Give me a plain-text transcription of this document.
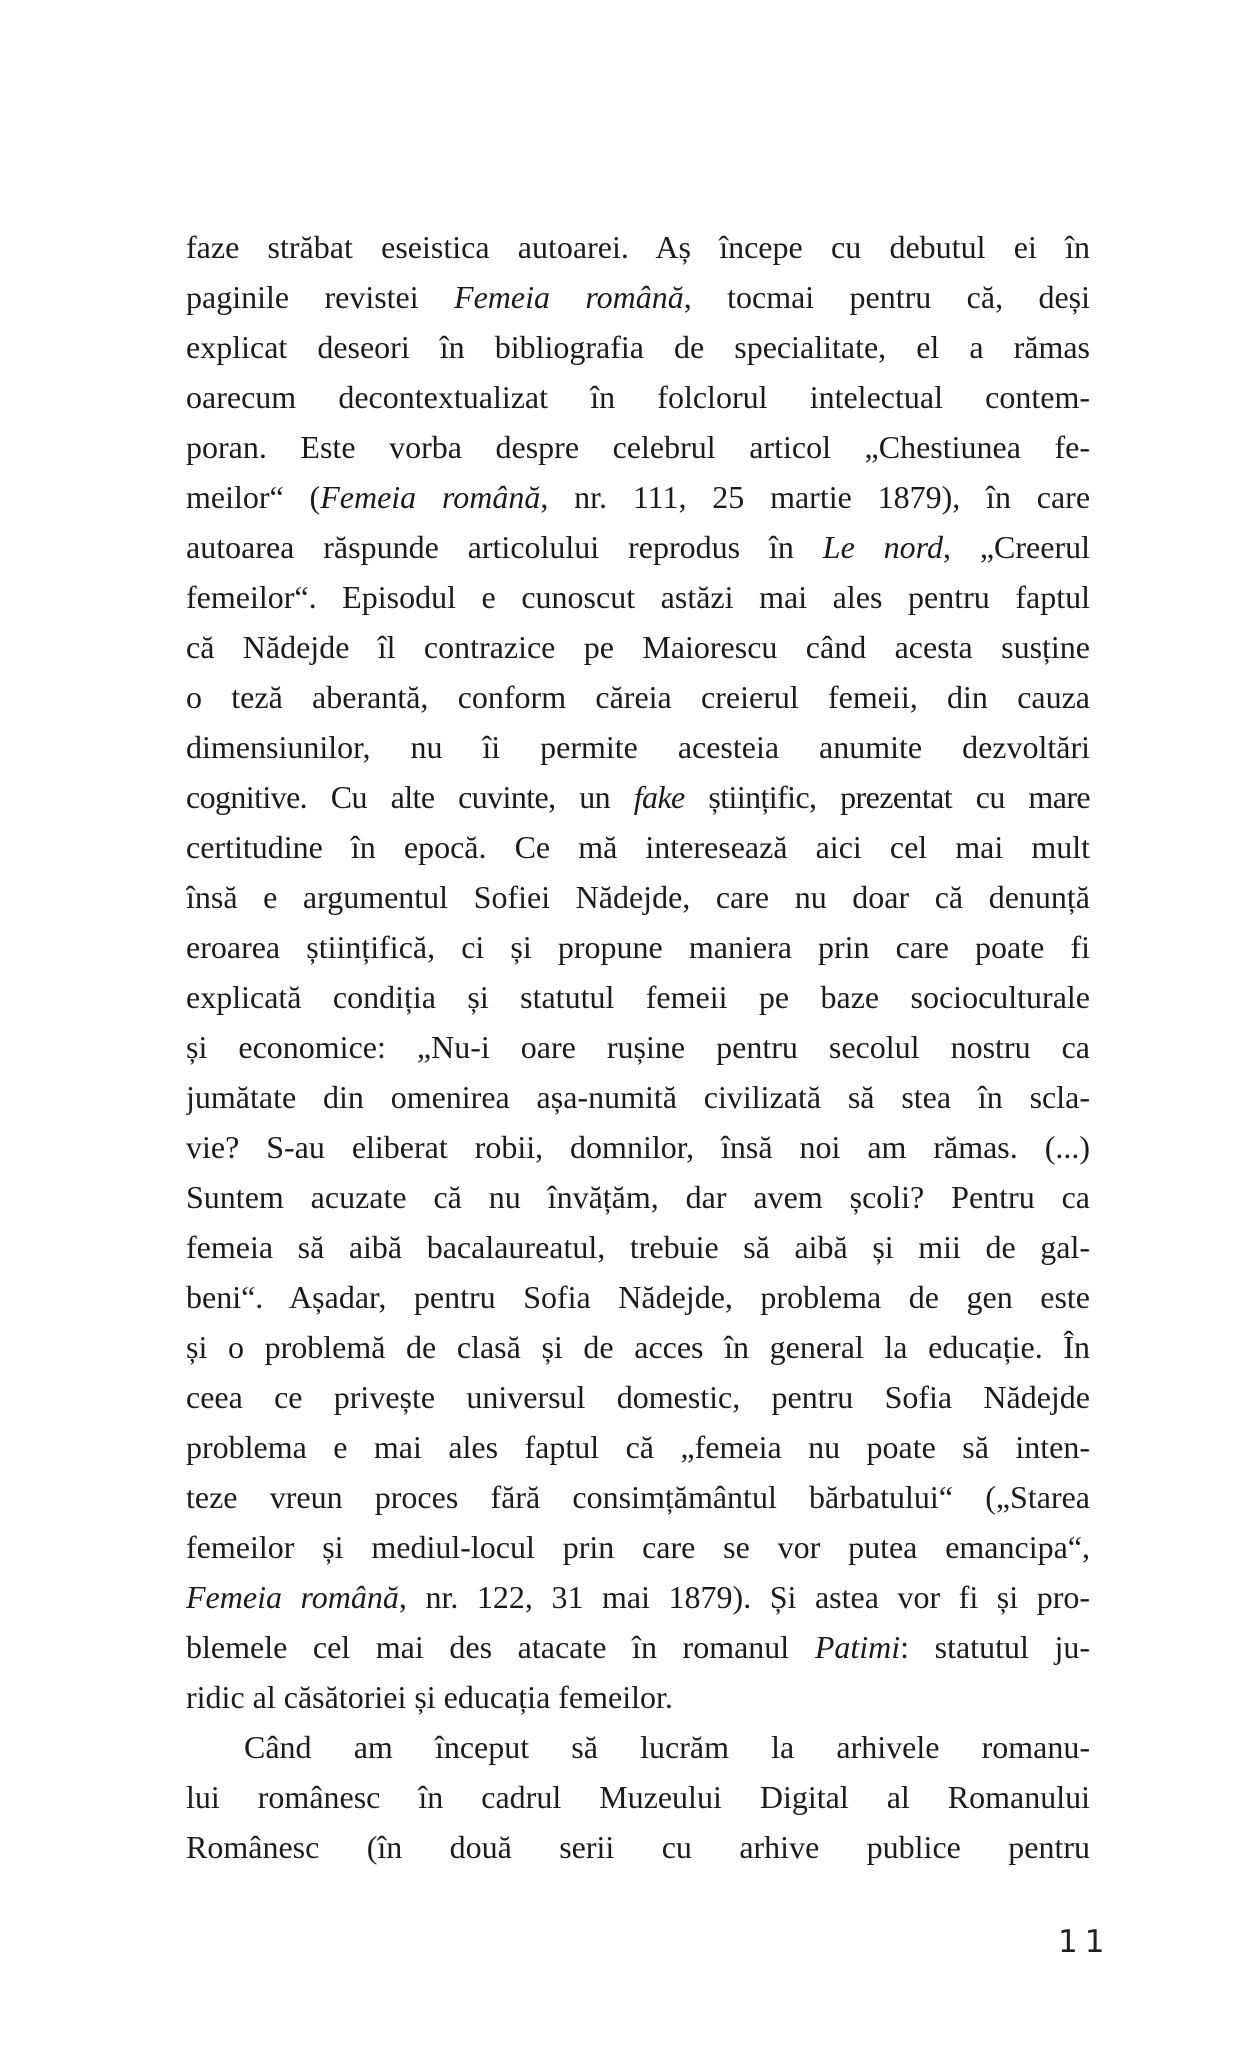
faze străbat eseistica autoarei. Aș începe cu debutul ei în
paginile revistei Femeia română, tocmai pentru că, deși
explicat deseori în bibliografia de specialitate, el a rămas
oarecum decontextualizat în folclorul intelectual contem-
poran. Este vorba despre celebrul articol „Chestiunea fe-
meilor“ (Femeia română, nr. 111, 25 martie 1879), în care
autoarea răspunde articolului reprodus în Le nord, „Creerul
femeilor“. Episodul e cunoscut astăzi mai ales pentru faptul
că Nădejde îl contrazice pe Maiorescu când acesta susține
o teză aberantă, conform căreia creierul femeii, din cauza
dimensiunilor, nu îi permite acesteia anumite dezvoltări
cognitive. Cu alte cuvinte, un fake științific, prezentat cu mare
certitudine în epocă. Ce mă interesează aici cel mai mult
însă e argumentul Sofiei Nădejde, care nu doar că denunță
eroarea științifică, ci și propune maniera prin care poate fi
explicată condiția și statutul femeii pe baze socioculturale
și economice: „Nu-i oare rușine pentru secolul nostru ca
jumătate din omenirea așa-numită civilizată să stea în scla-
vie? S-au eliberat robii, domnilor, însă noi am rămas. (...)
Suntem acuzate că nu învățăm, dar avem școli? Pentru ca
femeia să aibă bacalaureatul, trebuie să aibă și mii de gal-
beni“. Așadar, pentru Sofia Nădejde, problema de gen este
și o problemă de clasă și de acces în general la educație. În
ceea ce privește universul domestic, pentru Sofia Nădejde
problema e mai ales faptul că „femeia nu poate să inten-
teze vreun proces fără consimțământul bărbatului“ („Starea
femeilor și mediul-locul prin care se vor putea emancipa“,
Femeia română, nr. 122, 31 mai 1879). Și astea vor fi și pro-
blemele cel mai des atacate în romanul Patimi: statutul ju-
ridic al căsătoriei și educația femeilor.
Când am început să lucrăm la arhivele romanu-
lui românesc în cadrul Muzeului Digital al Romanului
Românesc (în două serii cu arhive publice pentru
11
